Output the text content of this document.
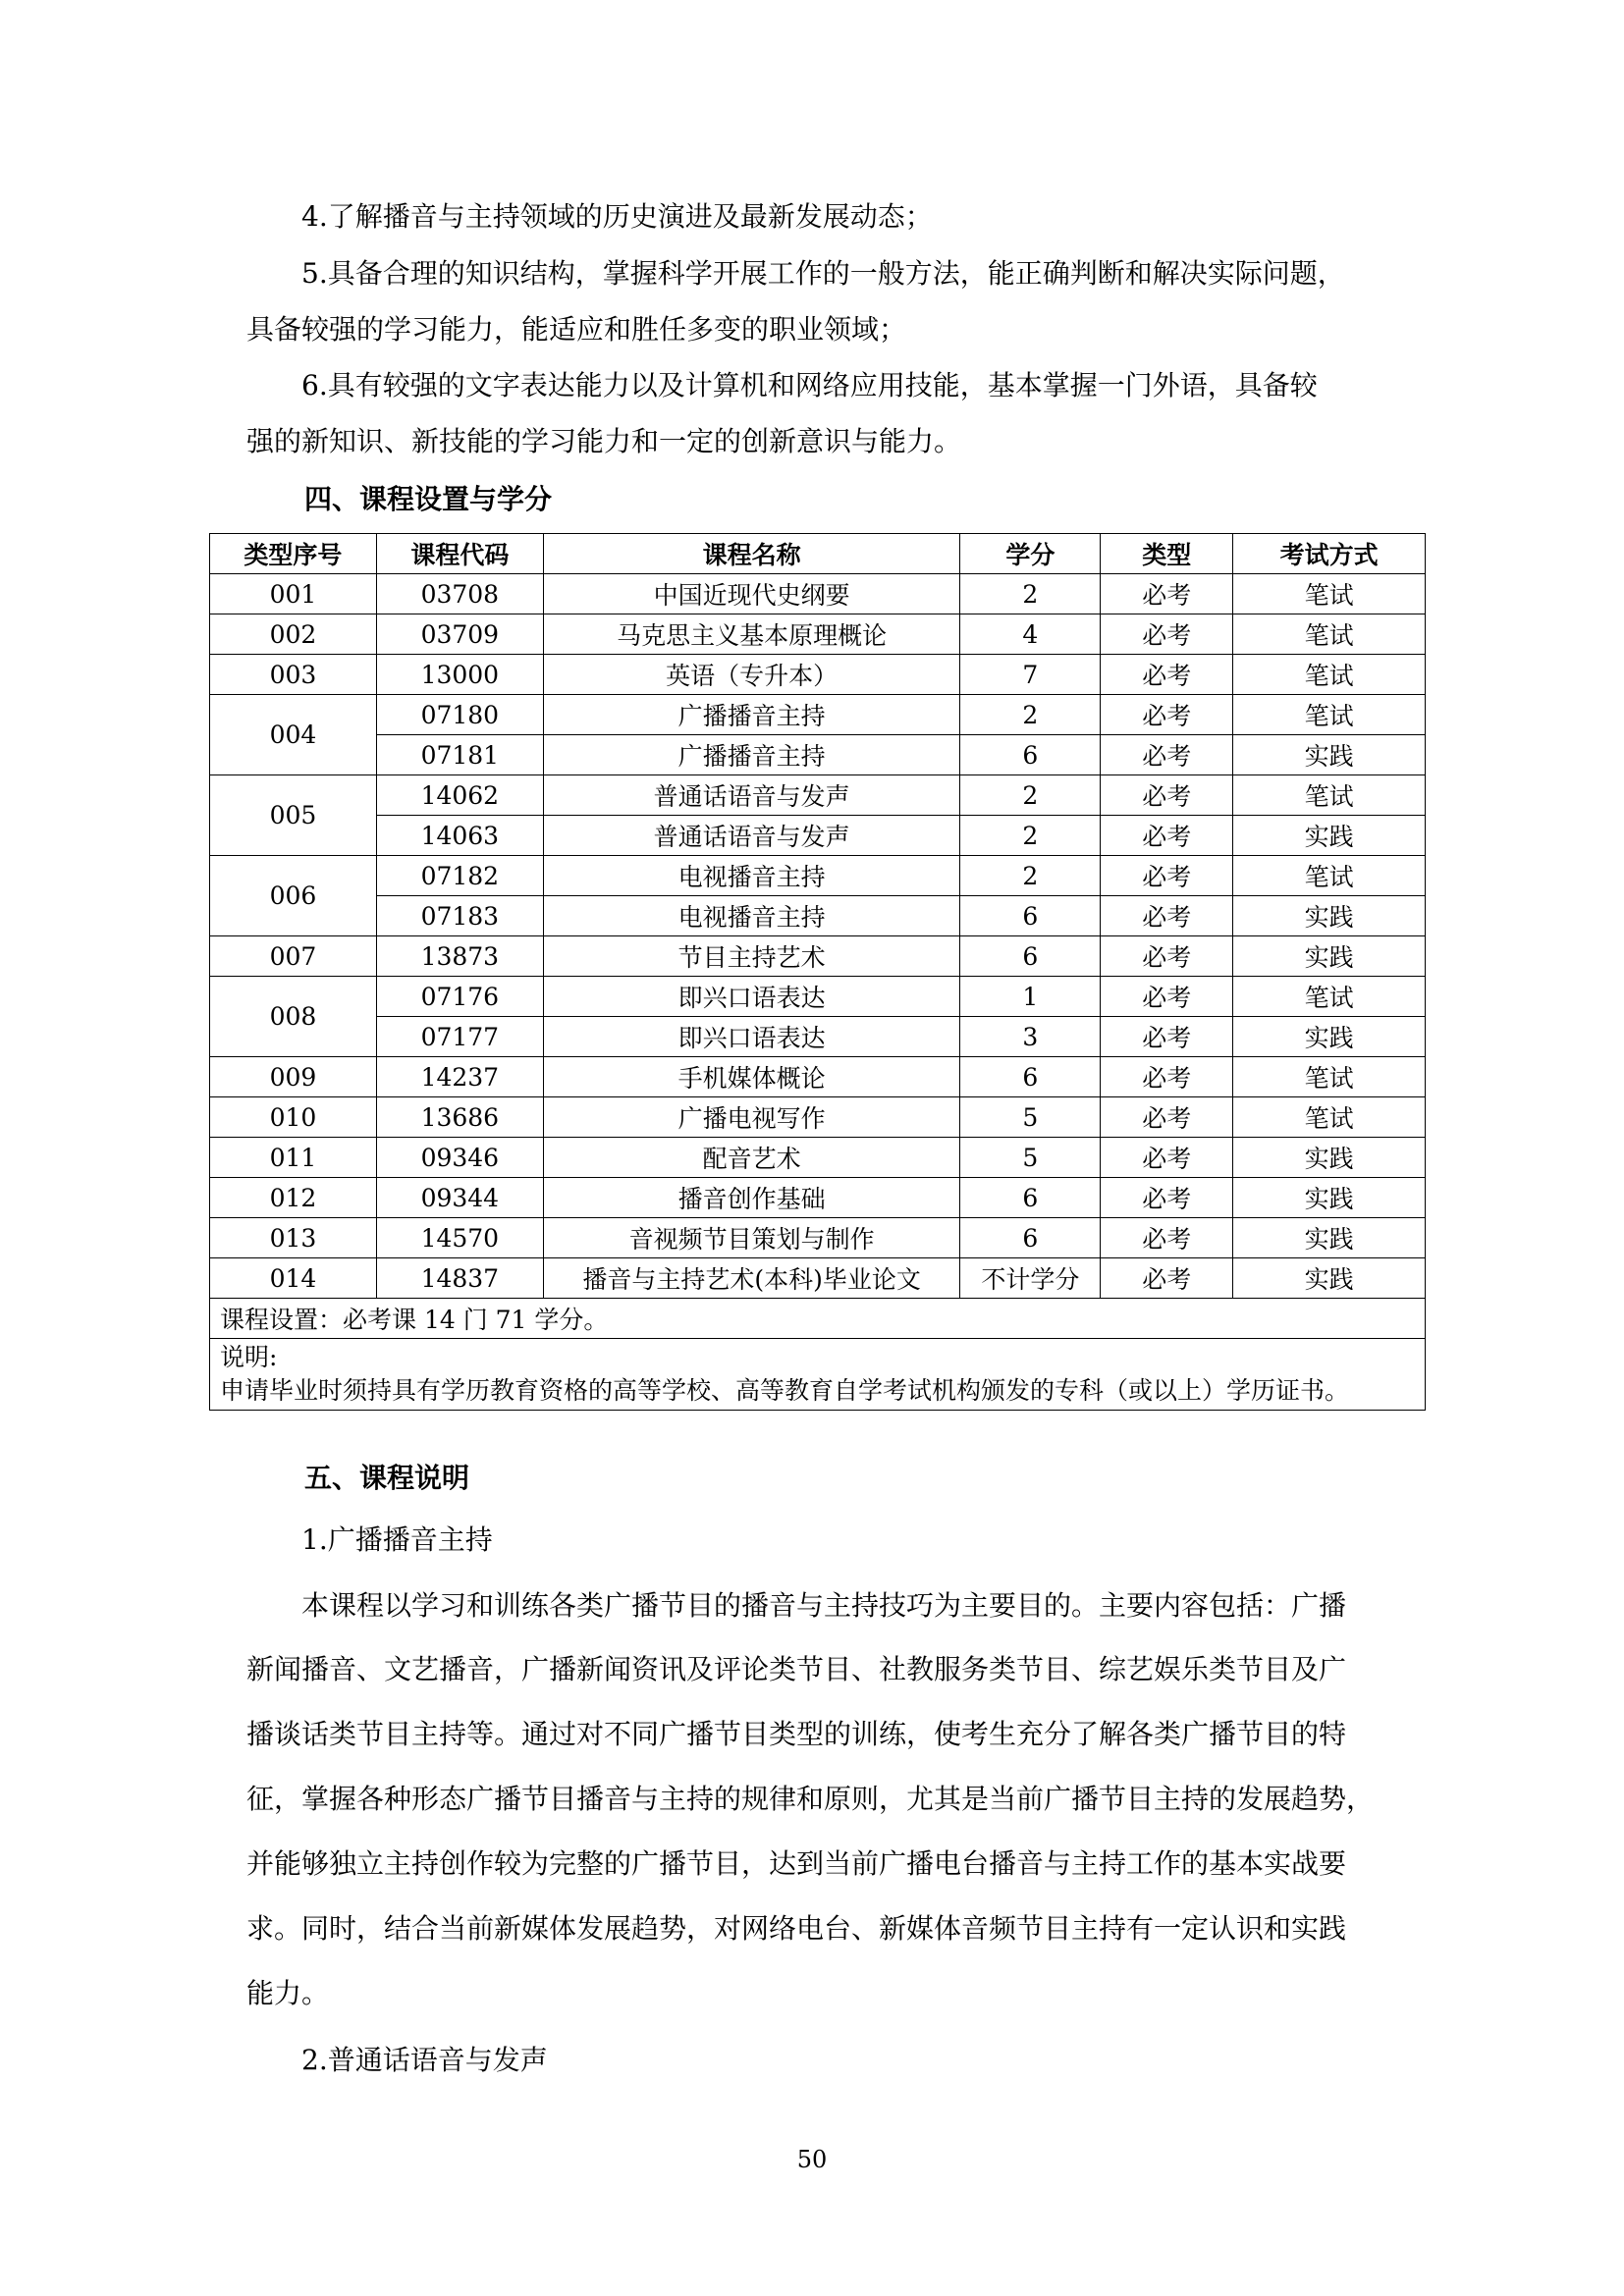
4.了解播音与主持领域的历史演进及最新发展动态；
5.具备合理的知识结构，掌握科学开展工作的一般方法，能正确判断和解决实际问题，
具备较强的学习能力，能适应和胜任多变的职业领域；
6.具有较强的文字表达能力以及计算机和网络应用技能，基本掌握一门外语，具备较
强的新知识、新技能的学习能力和一定的创新意识与能力。
四、课程设置与学分
类型序号	课程代码	课程名称	学分	类型	考试方式
001	03708	中国近现代史纲要	2	必考	笔试
002	03709	马克思主义基本原理概论	4	必考	笔试
003	13000	英语（专升本）	7	必考	笔试
004	07180	广播播音主持	2	必考	笔试
	07181	广播播音主持	6	必考	实践
005	14062	普通话语音与发声	2	必考	笔试
	14063	普通话语音与发声	2	必考	实践
006	07182	电视播音主持	2	必考	笔试
	07183	电视播音主持	6	必考	实践
007	13873	节目主持艺术	6	必考	实践
008	07176	即兴口语表达	1	必考	笔试
	07177	即兴口语表达	3	必考	实践
009	14237	手机媒体概论	6	必考	笔试
010	13686	广播电视写作	5	必考	笔试
011	09346	配音艺术	5	必考	实践
012	09344	播音创作基础	6	必考	实践
013	14570	音视频节目策划与制作	6	必考	实践
014	14837	播音与主持艺术(本科)毕业论文	不计学分	必考	实践
课程设置：必考课 14 门 71 学分。					

说明:
申请毕业时须持具有学历教育资格的高等学校、高等教育自学考试机构颁发的专科（或以上）学历证书。					
五、课程说明
1.广播播音主持
本课程以学习和训练各类广播节目的播音与主持技巧为主要目的。主要内容包括：广播
新闻播音、文艺播音，广播新闻资讯及评论类节目、社教服务类节目、综艺娱乐类节目及广
播谈话类节目主持等。通过对不同广播节目类型的训练，使考生充分了解各类广播节目的特
征，掌握各种形态广播节目播音与主持的规律和原则，尤其是当前广播节目主持的发展趋势，
并能够独立主持创作较为完整的广播节目，达到当前广播电台播音与主持工作的基本实战要
求。同时，结合当前新媒体发展趋势，对网络电台、新媒体音频节目主持有一定认识和实践
能力。
2.普通话语音与发声
50
